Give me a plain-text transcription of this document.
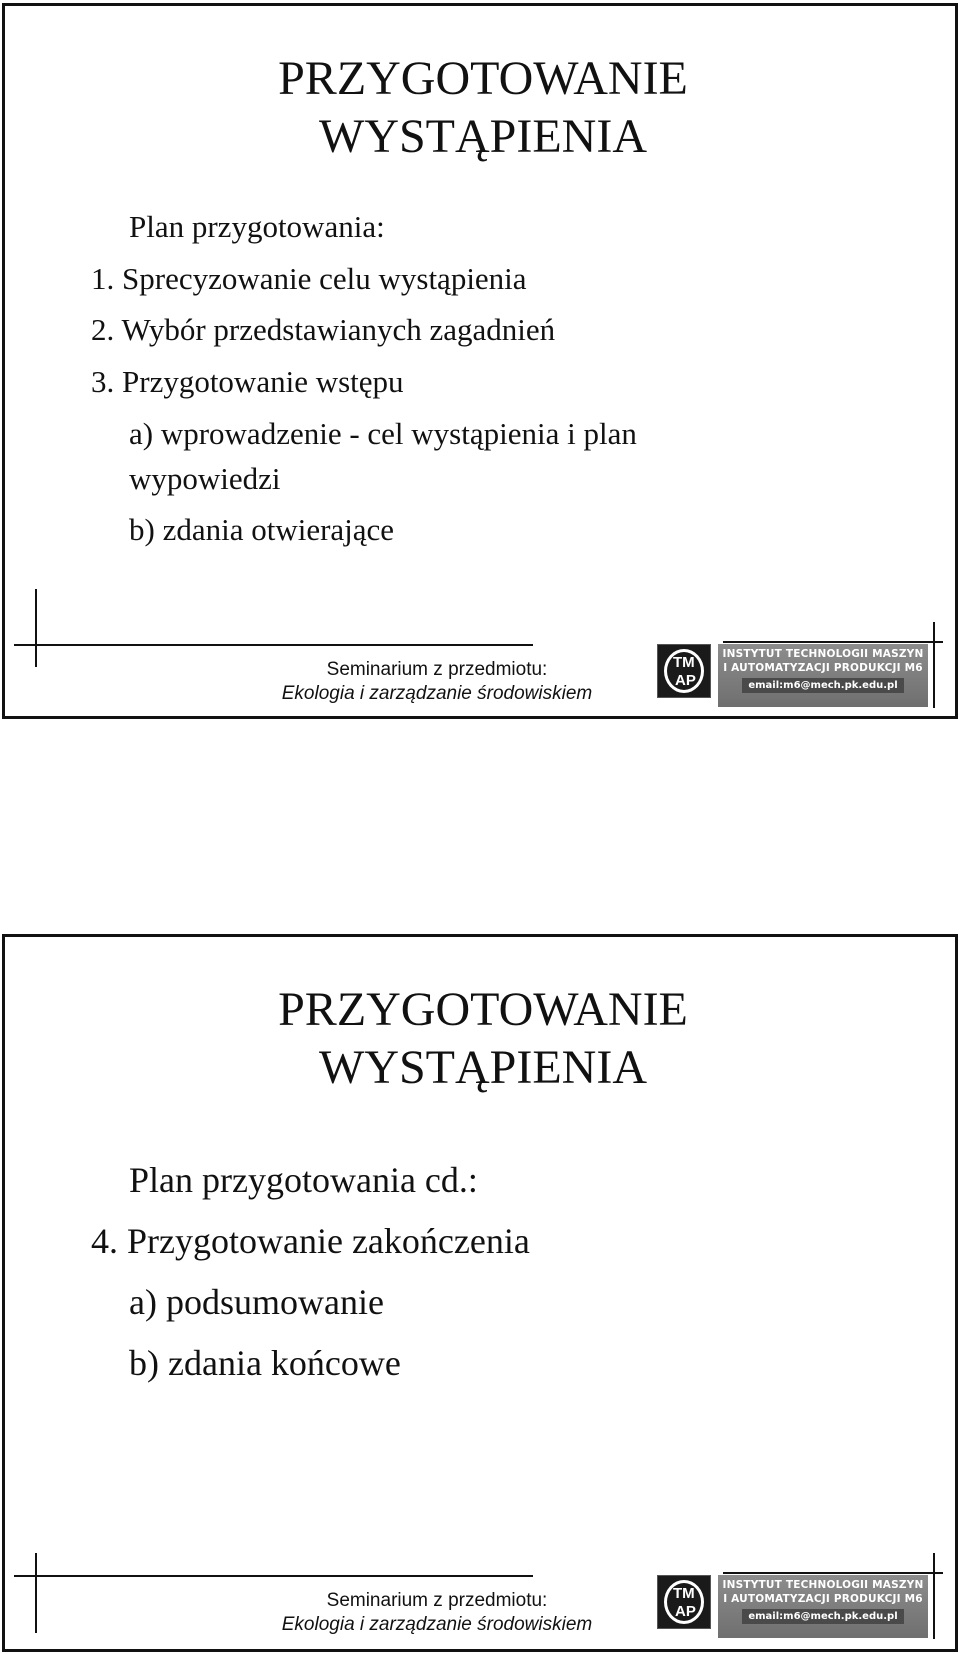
PRZYGOTOWANIE
WYSTĄPIENIA
Plan przygotowania:
1. Sprecyzowanie celu wystąpienia
2. Wybór przedstawianych zagadnień
3. Przygotowanie wstępu
a) wprowadzenie - cel wystąpienia i plan
wypowiedzi
b) zdania otwierające
Seminarium z przedmiotu:
Ekologia i zarządzanie środowiskiem
TM
AP
INSTYTUT TECHNOLOGII MASZYN
I AUTOMATYZACJI PRODUKCJI M6
email:m6@mech.pk.edu.pl
PRZYGOTOWANIE
WYSTĄPIENIA
Plan przygotowania cd.:
4. Przygotowanie zakończenia
a) podsumowanie
b) zdania końcowe
Seminarium z przedmiotu:
Ekologia i zarządzanie środowiskiem
TM
AP
INSTYTUT TECHNOLOGII MASZYN
I AUTOMATYZACJI PRODUKCJI M6
email:m6@mech.pk.edu.pl
